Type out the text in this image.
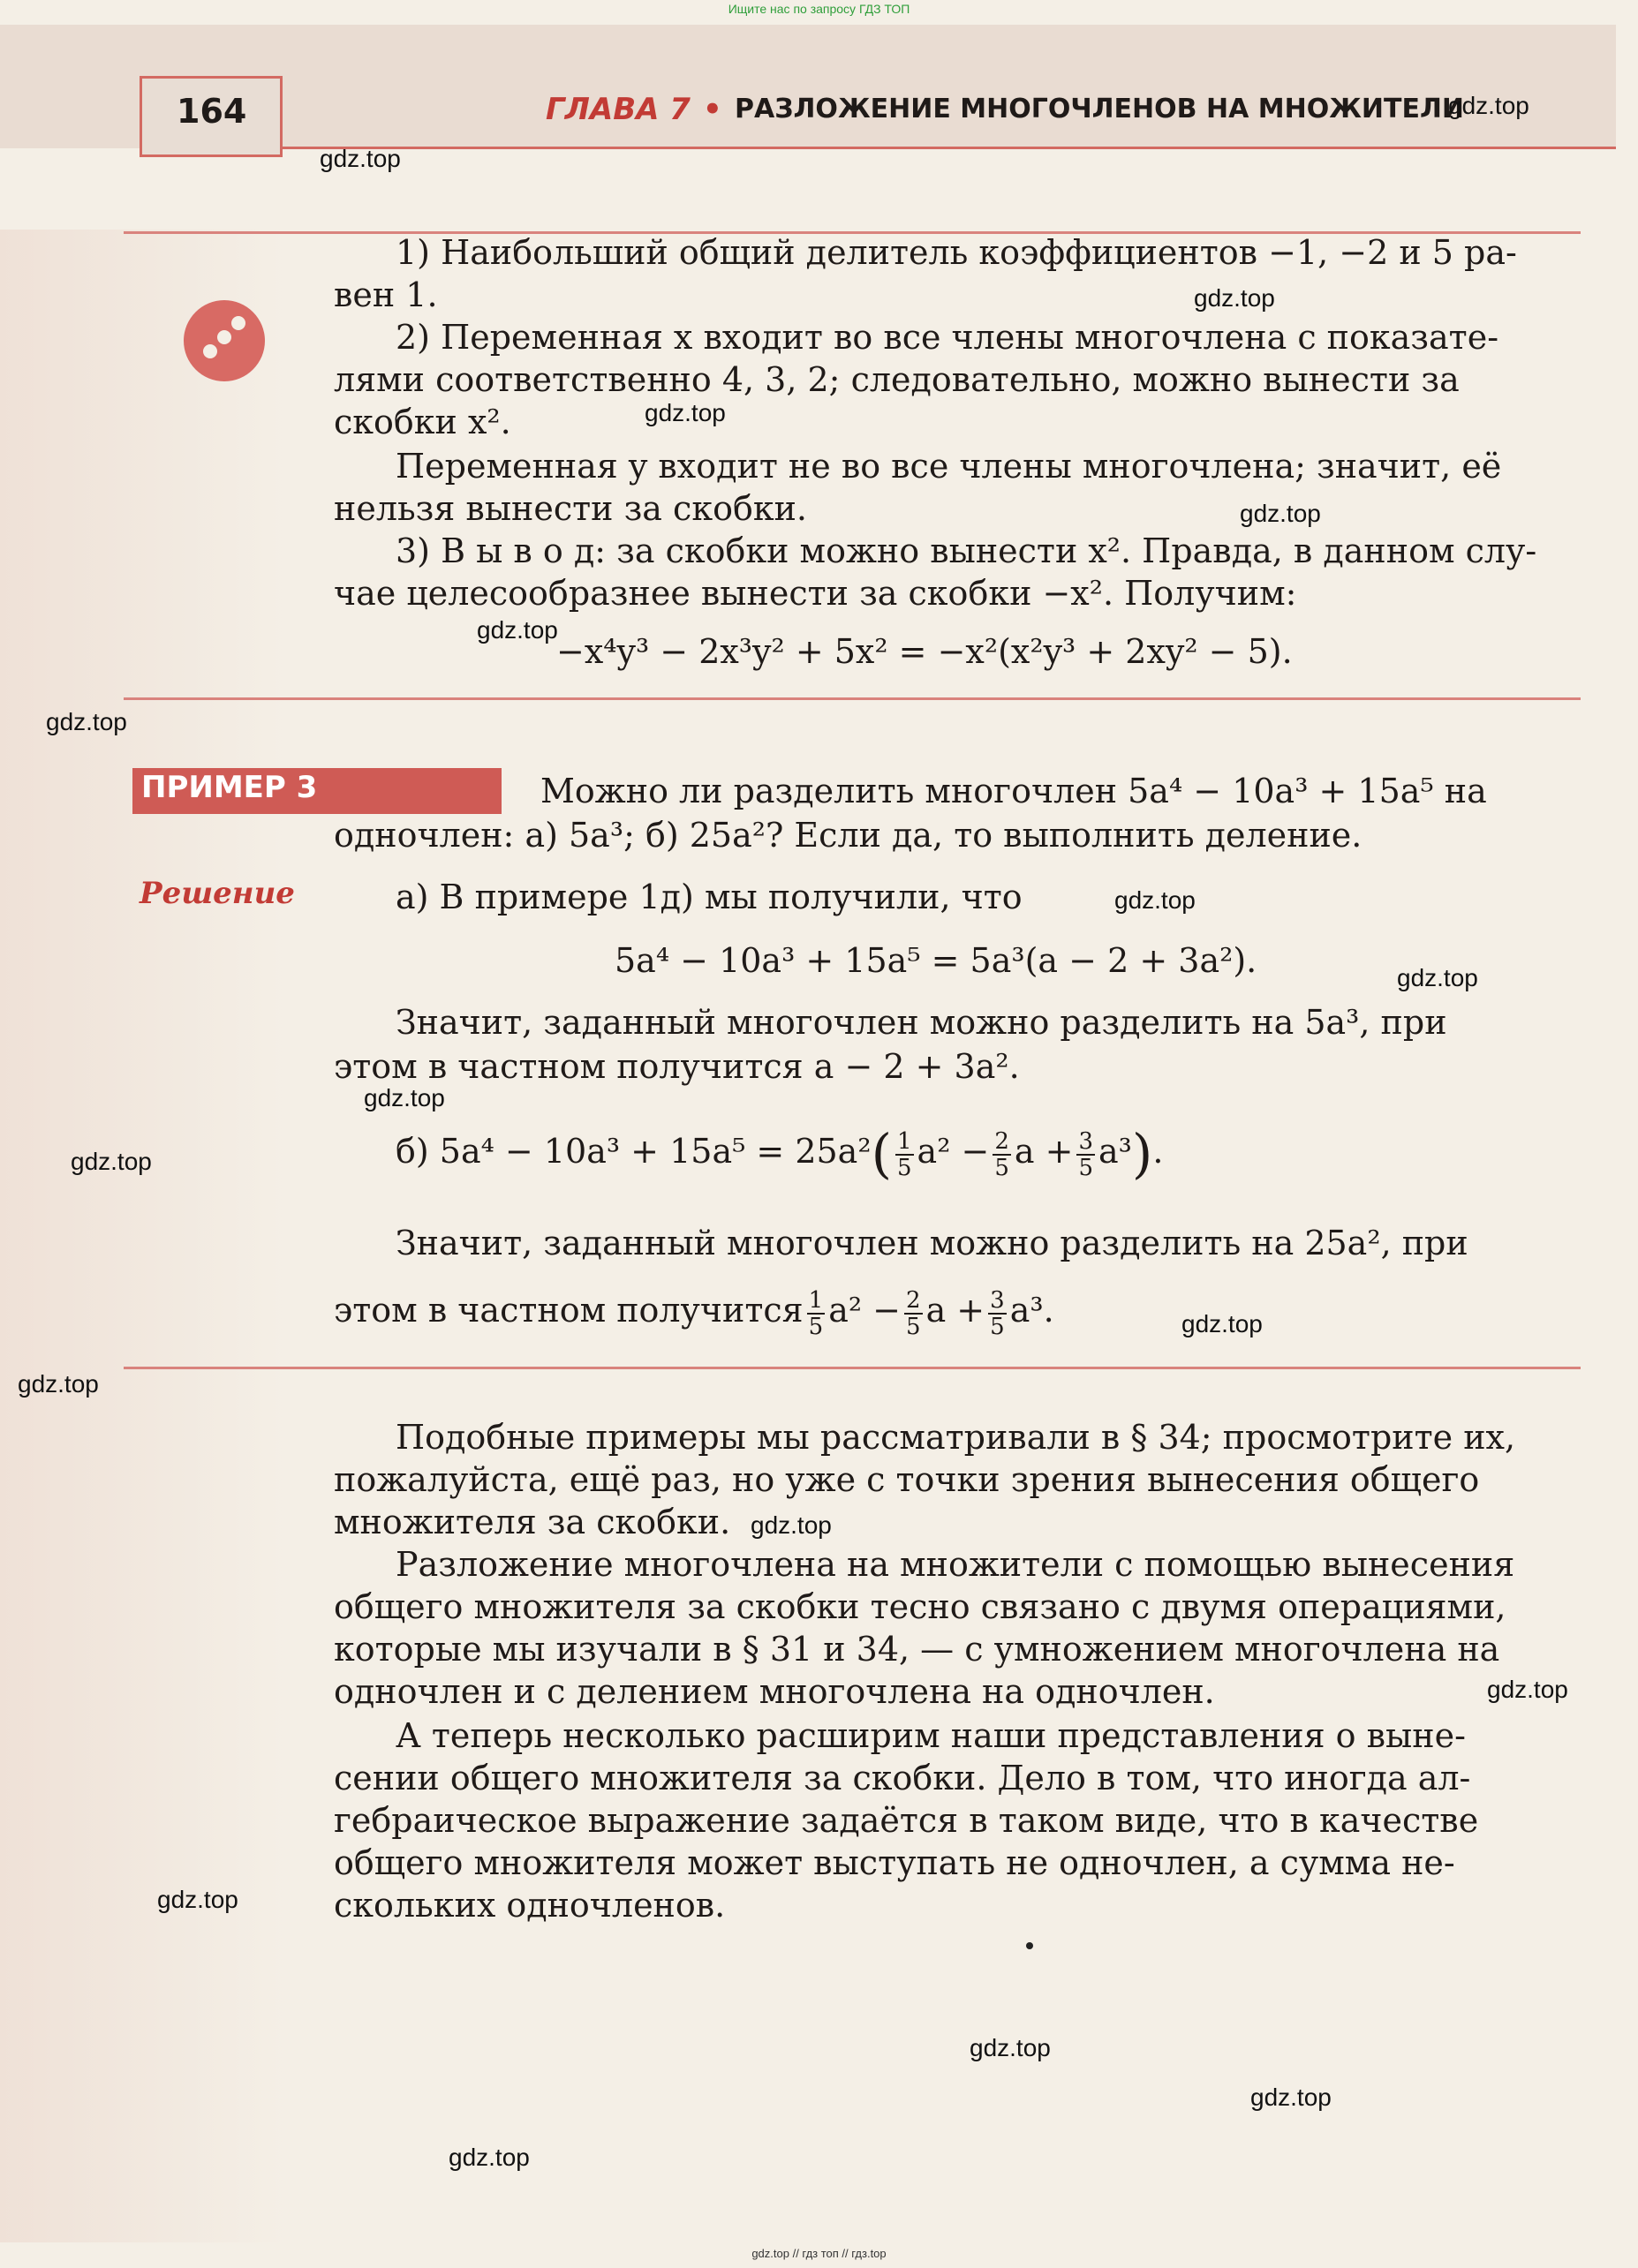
Ищите нас по запросу ГДЗ ТОП
164	ГЛАВА 7 • РАЗЛОЖЕНИЕ МНОГОЧЛЕНОВ НА МНОЖИТЕЛИ
1) Наибольший общий делитель коэффициентов −1, −2 и 5 ра-
вен 1.
2) Переменная x входит во все члены многочлена с показате-
лями соответственно 4, 3, 2; следовательно, можно вынести за
скобки x².
Переменная y входит не во все члены многочлена; значит, её
нельзя вынести за скобки.
3) В ы в о д: за скобки можно вынести x². Правда, в данном слу-
чае целесообразнее вынести за скобки −x². Получим:
−x⁴y³ − 2x³y² + 5x² = −x²(x²y³ + 2xy² − 5).
ПРИМЕР 3	Можно ли разделить многочлен 5a⁴ − 10a³ + 15a⁵ на
одночлен: а) 5a³; б) 25a²? Если да, то выполнить деление.
Решение	а) В примере 1д) мы получили, что
5a⁴ − 10a³ + 15a⁵ = 5a³(a − 2 + 3a²).
Значит, заданный многочлен можно разделить на 5a³, при
этом в частном получится a − 2 + 3a².
б) $5a^4 - 10a^3 + 15a^5 = 25a^2( \frac{1}{5} a^2 - \frac{2}{5}$ $a + \frac{3}{5} a^3$).
Значит, заданный многочлен можно разделить на 25a², при
этом в частном получится $\frac{1}{5} a^2 - \frac{2}{5}$ $a + \frac{3}{5} a^3$.
Подобные примеры мы рассматривали в § 34; просмотрите их,
пожалуйста, ещё раз, но уже с точки зрения вынесения общего
множителя за скобки.
Разложение многочлена на множители с помощью вынесения
общего множителя за скобки тесно связано с двумя операциями,
которые мы изучали в § 31 и 34, — с умножением многочлена на
одночлен и с делением многочлена на одночлен.
А теперь несколько расширим наши представления о выне-
сении общего множителя за скобки. Дело в том, что иногда ал-
гебраическое выражение задаётся в таком виде, что в качестве
общего множителя может выступать не одночлен, а сумма не-
скольких одночленов.
gdz.top
gdz.top
gdz.top
gdz.top
gdz.top
gdz.top
gdz.top
gdz.top
gdz.top
gdz.top
gdz.top
gdz.top
gdz.top
gdz.top
gdz.top
gdz.top
gdz.top
gdz.top
gdz.top
gdz.top // гдз топ // гдз.top
